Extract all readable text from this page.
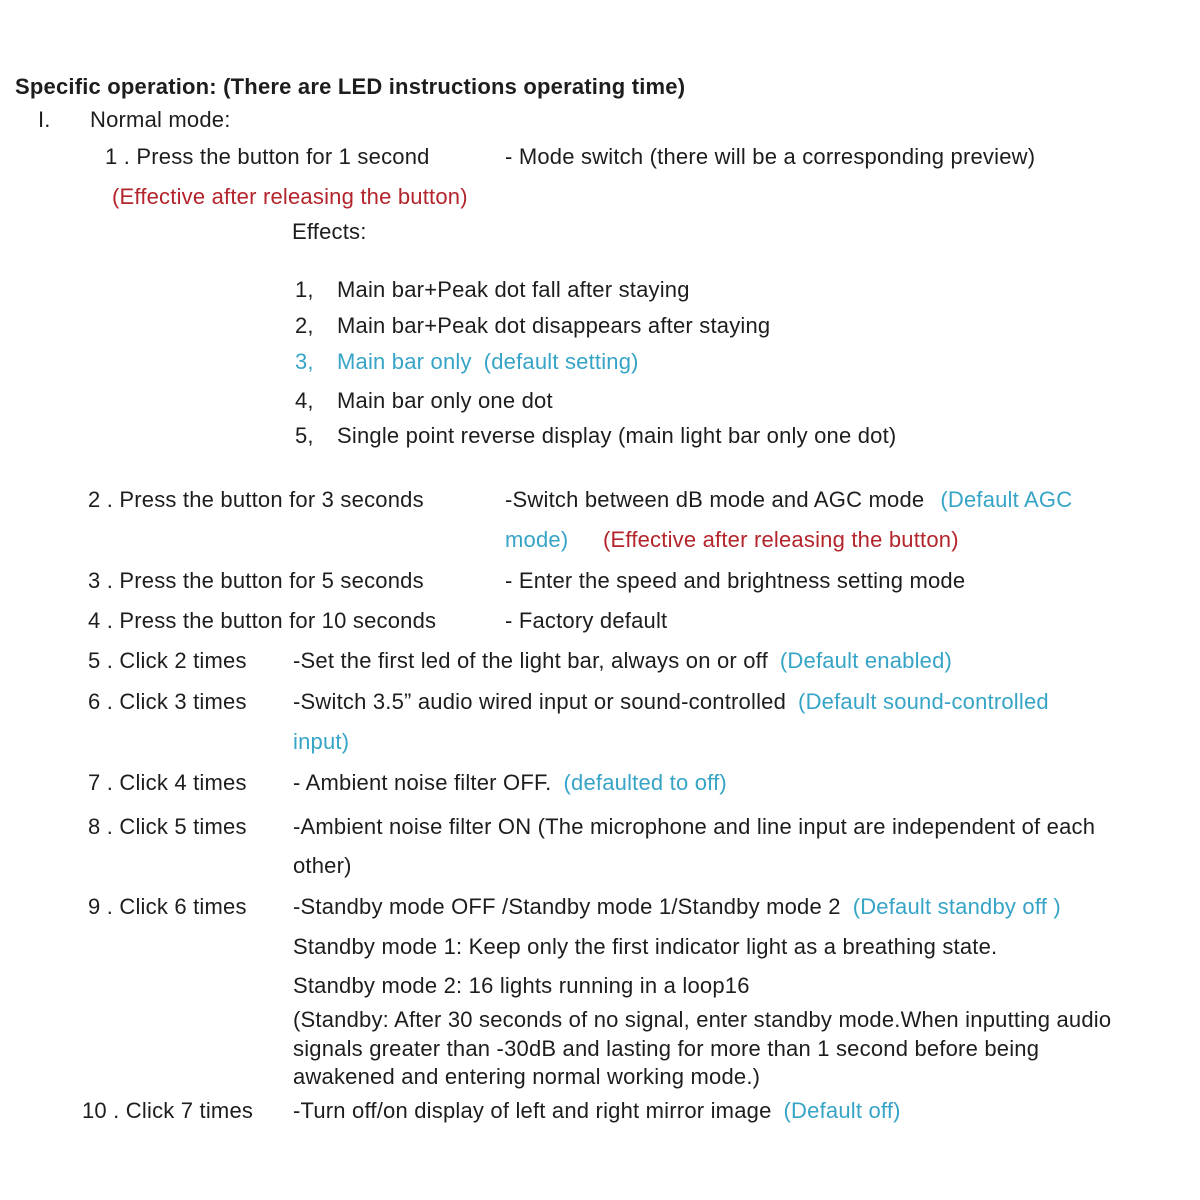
Specific operation: (There are LED instructions operating time)
I. Normal mode:
1 . Press the button for 1 second	- Mode switch (there will be a corresponding preview)
(Effective after releasing the button)
Effects:
1, Main bar+Peak dot fall after staying
2, Main bar+Peak dot disappears after staying
3, Main bar only (default setting)
4, Main bar only one dot
5, Single point reverse display (main light bar only one dot)
2 . Press the button for 3 seconds	-Switch between dB mode and AGC mode (Default AGC
mode) (Effective after releasing the button)
3 . Press the button for 5 seconds	- Enter the speed and brightness setting mode
4 . Press the button for 10 seconds	- Factory default
5 . Click 2 times -Set the first led of the light bar, always on or off (Default enabled)
6 . Click 3 times -Switch 3.5” audio wired input or sound-controlled (Default sound-controlled
input)
7 . Click 4 times - Ambient noise filter OFF. (defaulted to off)
8 . Click 5 times -Ambient noise filter ON (The microphone and line input are independent of each
other)
9 . Click 6 times -Standby mode OFF /Standby mode 1/Standby mode 2 (Default standby off )
Standby mode 1: Keep only the first indicator light as a breathing state.
Standby mode 2: 16 lights running in a loop16
(Standby: After 30 seconds of no signal, enter standby mode.When inputting audio
signals greater than -30dB and lasting for more than 1 second before being
awakened and entering normal working mode.)
10 . Click 7 times -Turn off/on display of left and right mirror image (Default off)
